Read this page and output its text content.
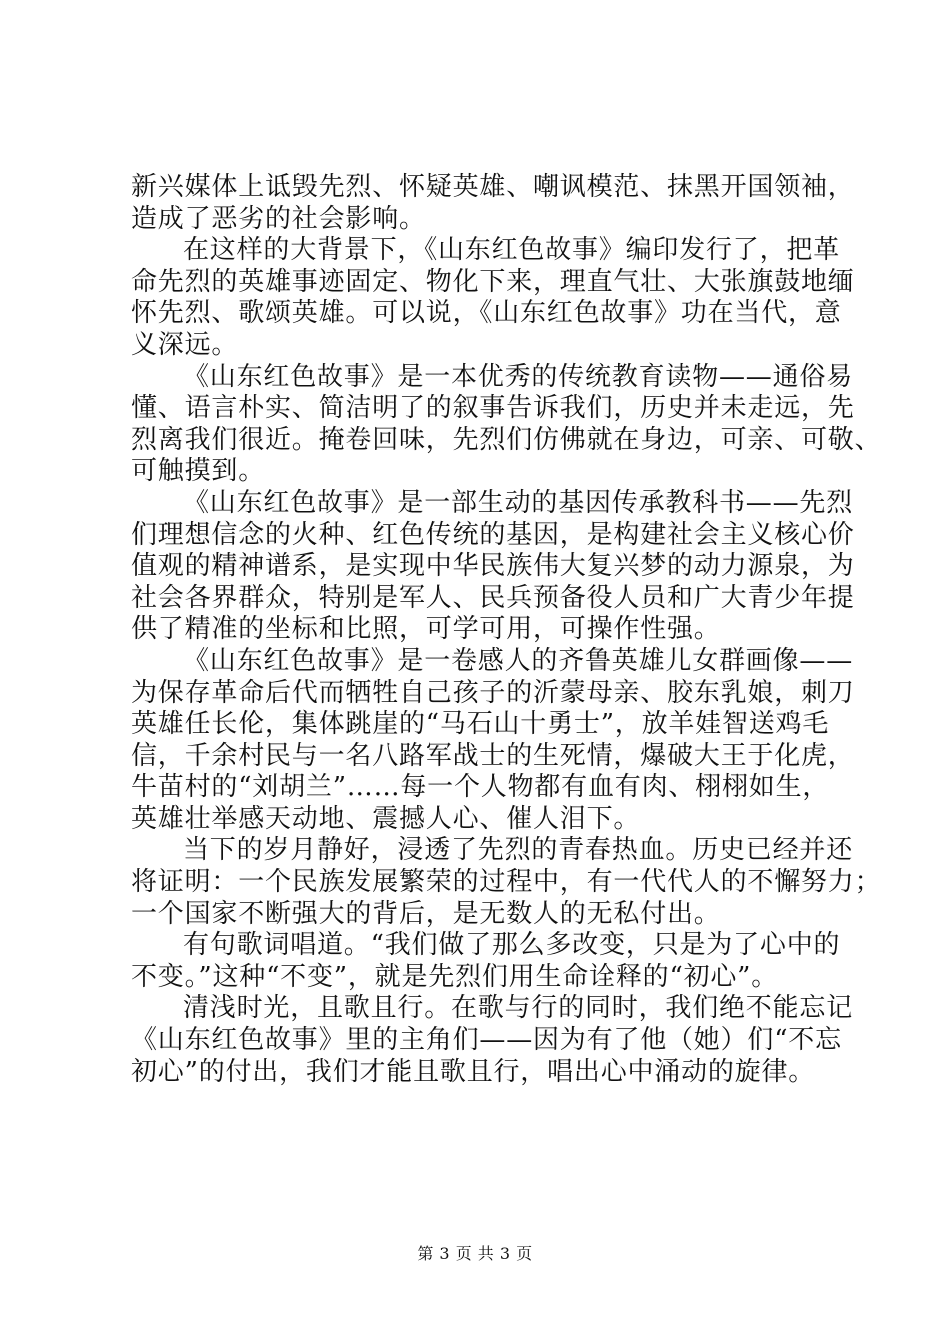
新兴媒体上诋毁先烈、怀疑英雄、嘲讽模范、抹黑开国领袖，
造成了恶劣的社会影响。
在这样的大背景下，《山东红色故事》编印发行了，把革
命先烈的英雄事迹固定、物化下来，理直气壮、大张旗鼓地缅
怀先烈、歌颂英雄。可以说，《山东红色故事》功在当代，意
义深远。
《山东红色故事》是一本优秀的传统教育读物——通俗易
懂、语言朴实、简洁明了的叙事告诉我们，历史并未走远，先
烈离我们很近。掩卷回味，先烈们仿佛就在身边，可亲、可敬、
可触摸到。
《山东红色故事》是一部生动的基因传承教科书——先烈
们理想信念的火种、红色传统的基因，是构建社会主义核心价
值观的精神谱系，是实现中华民族伟大复兴梦的动力源泉，为
社会各界群众，特别是军人、民兵预备役人员和广大青少年提
供了精准的坐标和比照，可学可用，可操作性强。
《山东红色故事》是一卷感人的齐鲁英雄儿女群画像——
为保存革命后代而牺牲自己孩子的沂蒙母亲、胶东乳娘，刺刀
英雄任长伦，集体跳崖的“马石山十勇士”，放羊娃智送鸡毛
信，千余村民与一名八路军战士的生死情，爆破大王于化虎，
牛苗村的“刘胡兰”……每一个人物都有血有肉、栩栩如生，
英雄壮举感天动地、震撼人心、催人泪下。
当下的岁月静好，浸透了先烈的青春热血。历史已经并还
将证明：一个民族发展繁荣的过程中，有一代代人的不懈努力；
一个国家不断强大的背后，是无数人的无私付出。
有句歌词唱道。“我们做了那么多改变，只是为了心中的
不变。”这种“不变”，就是先烈们用生命诠释的“初心”。
清浅时光，且歌且行。在歌与行的同时，我们绝不能忘记
《山东红色故事》里的主角们——因为有了他（她）们“不忘
初心”的付出，我们才能且歌且行，唱出心中涌动的旋律。
第 3 页 共 3 页
